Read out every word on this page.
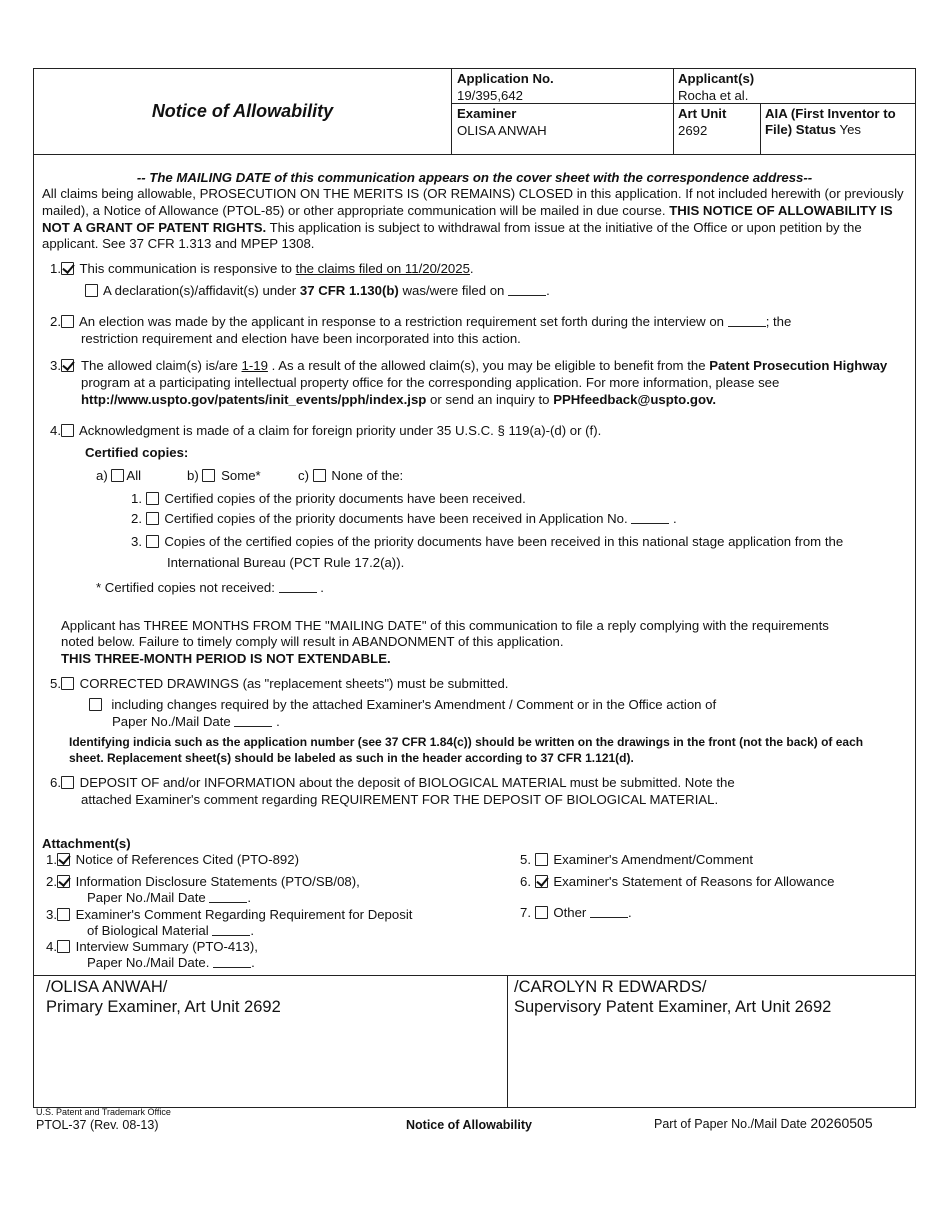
Notice of Allowability
Application No.
19/395,642
Applicant(s)
Rocha et al.
Examiner
OLISA ANWAH
Art Unit
2692
AIA (First Inventor to File) Status Yes
-- The MAILING DATE of this communication appears on the cover sheet with the correspondence address--
All claims being allowable, PROSECUTION ON THE MERITS IS (OR REMAINS) CLOSED in this application. If not included herewith (or previously mailed), a Notice of Allowance (PTOL-85) or other appropriate communication will be mailed in due course. THIS NOTICE OF ALLOWABILITY IS NOT A GRANT OF PATENT RIGHTS. This application is subject to withdrawal from issue at the initiative of the Office or upon petition by the applicant. See 37 CFR 1.313 and MPEP 1308.
1. This communication is responsive to the claims filed on 11/20/2025.
A declaration(s)/affidavit(s) under 37 CFR 1.130(b) was/were filed on	.
2. An election was made by the applicant in response to a restriction requirement set forth during the interview on	; the
restriction requirement and election have been incorporated into this action.
3.	The allowed claim(s) is/are 1-19 . As a result of the allowed claim(s), you may be eligible to benefit from the Patent Prosecution Highway program at a participating intellectual property office for the corresponding application. For more information, please see http://www.uspto.gov/patents/init_events/pph/index.jsp or send an inquiry to PPHfeedback@uspto.gov.
4. Acknowledgment is made of a claim for foreign priority under 35 U.S.C. § 119(a)-(d) or (f).
Certified copies:
a) All	b) Some*	c) None of the:
1. Certified copies of the priority documents have been received.
2. Certified copies of the priority documents have been received in Application No.	.
3. Copies of the certified copies of the priority documents have been received in this national stage application from the
International Bureau (PCT Rule 17.2(a)).
* Certified copies not received:	.
Applicant has THREE MONTHS FROM THE "MAILING DATE" of this communication to file a reply complying with the requirements
noted below. Failure to timely comply will result in ABANDONMENT of this application.
THIS THREE-MONTH PERIOD IS NOT EXTENDABLE.
5. CORRECTED DRAWINGS (as "replacement sheets") must be submitted.
including changes required by the attached Examiner's Amendment / Comment or in the Office action of
Paper No./Mail Date	.
Identifying indicia such as the application number (see 37 CFR 1.84(c)) should be written on the drawings in the front (not the back) of each
sheet. Replacement sheet(s) should be labeled as such in the header according to 37 CFR 1.121(d).
6. DEPOSIT OF and/or INFORMATION about the deposit of BIOLOGICAL MATERIAL must be submitted. Note the
attached Examiner's comment regarding REQUIREMENT FOR THE DEPOSIT OF BIOLOGICAL MATERIAL.
Attachment(s)
1. Notice of References Cited (PTO-892)
2. Information Disclosure Statements (PTO/SB/08),
Paper No./Mail Date	.
3. Examiner's Comment Regarding Requirement for Deposit
of Biological Material	.
4. Interview Summary (PTO-413),
Paper No./Mail Date.	.
5. Examiner's Amendment/Comment
6. Examiner's Statement of Reasons for Allowance
7. Other	.
/OLISA ANWAH/
Primary Examiner, Art Unit 2692
/CAROLYN R EDWARDS/
Supervisory Patent Examiner, Art Unit 2692
U.S. Patent and Trademark Office
PTOL-37 (Rev. 08-13)	Notice of Allowability	Part of Paper No./Mail Date 20260505
